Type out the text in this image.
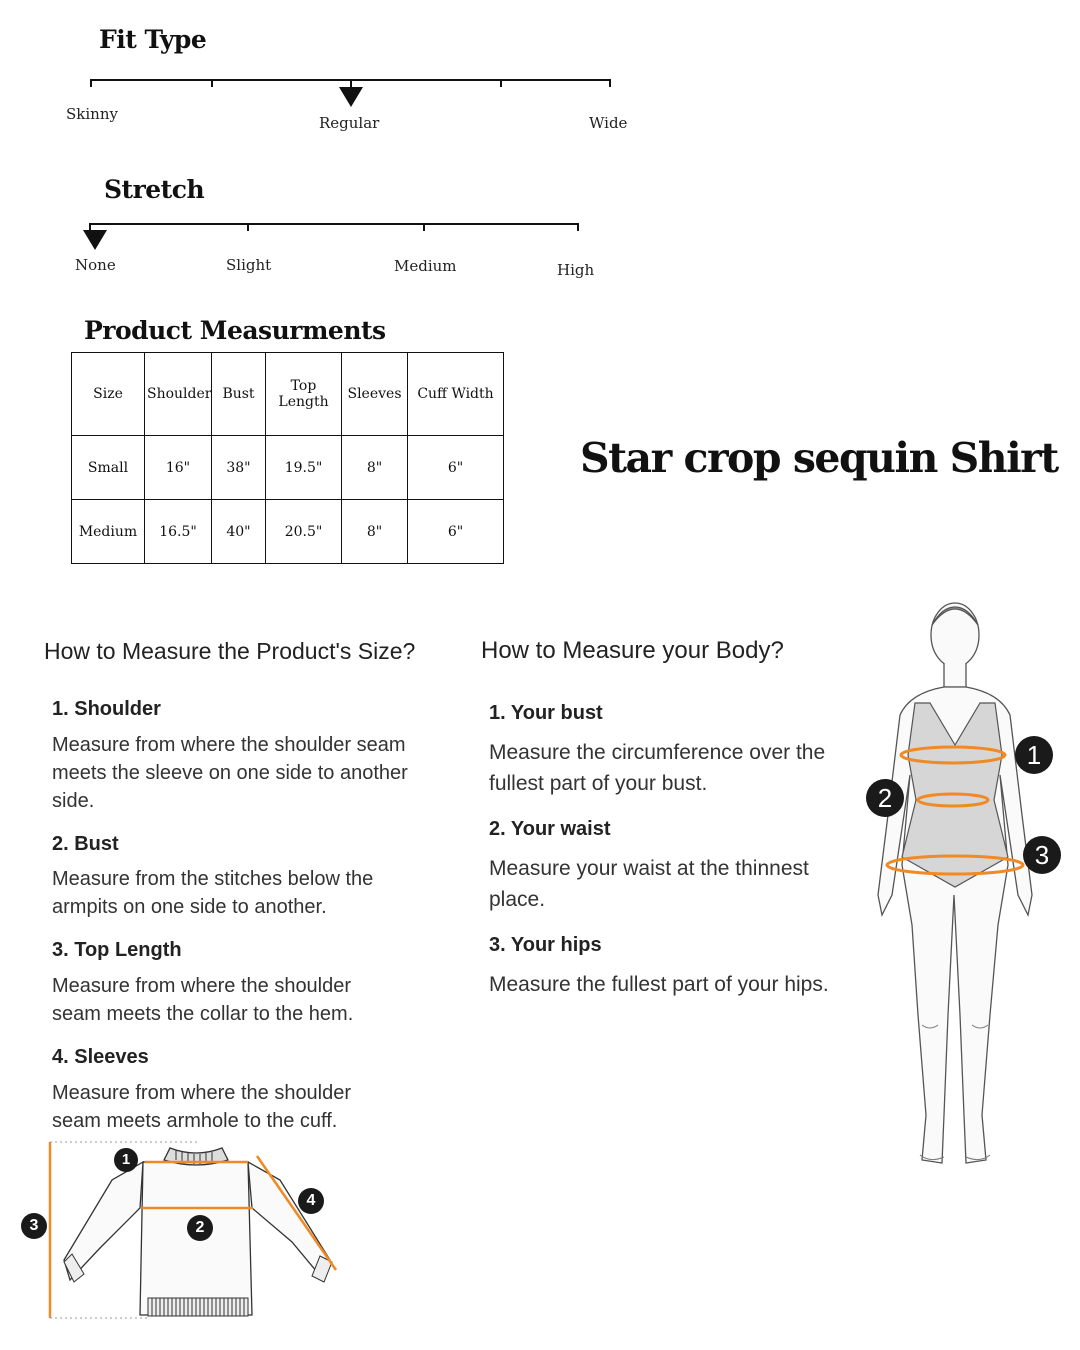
Fit Type
Skinny	Regular	Wide
Stretch
None	Slight	Medium	High
Product Measurments
Size	Shoulder	Bust	Top Length	Sleeves	Cuff Width
Small	16"	38"	19.5"	8"	6"
Medium	16.5"	40"	20.5"	8"	6"
Star crop sequin Shirt
How to Measure the Product's Size?
1. Shoulder
Measure from where the shoulder seam meets the sleeve on one side to another side.
2. Bust
Measure from the stitches below the armpits on one side to another.
3. Top Length
Measure from where the shoulder seam meets the collar to the hem.
4. Sleeves
Measure from where the shoulder seam meets armhole to the cuff.
1
2
3
4
How to Measure your Body?
1. Your bust
Measure the circumference over the fullest part of your bust.
2. Your waist
Measure your waist at the thinnest place.
3. Your hips
Measure the fullest part of your hips.
1
2
3
